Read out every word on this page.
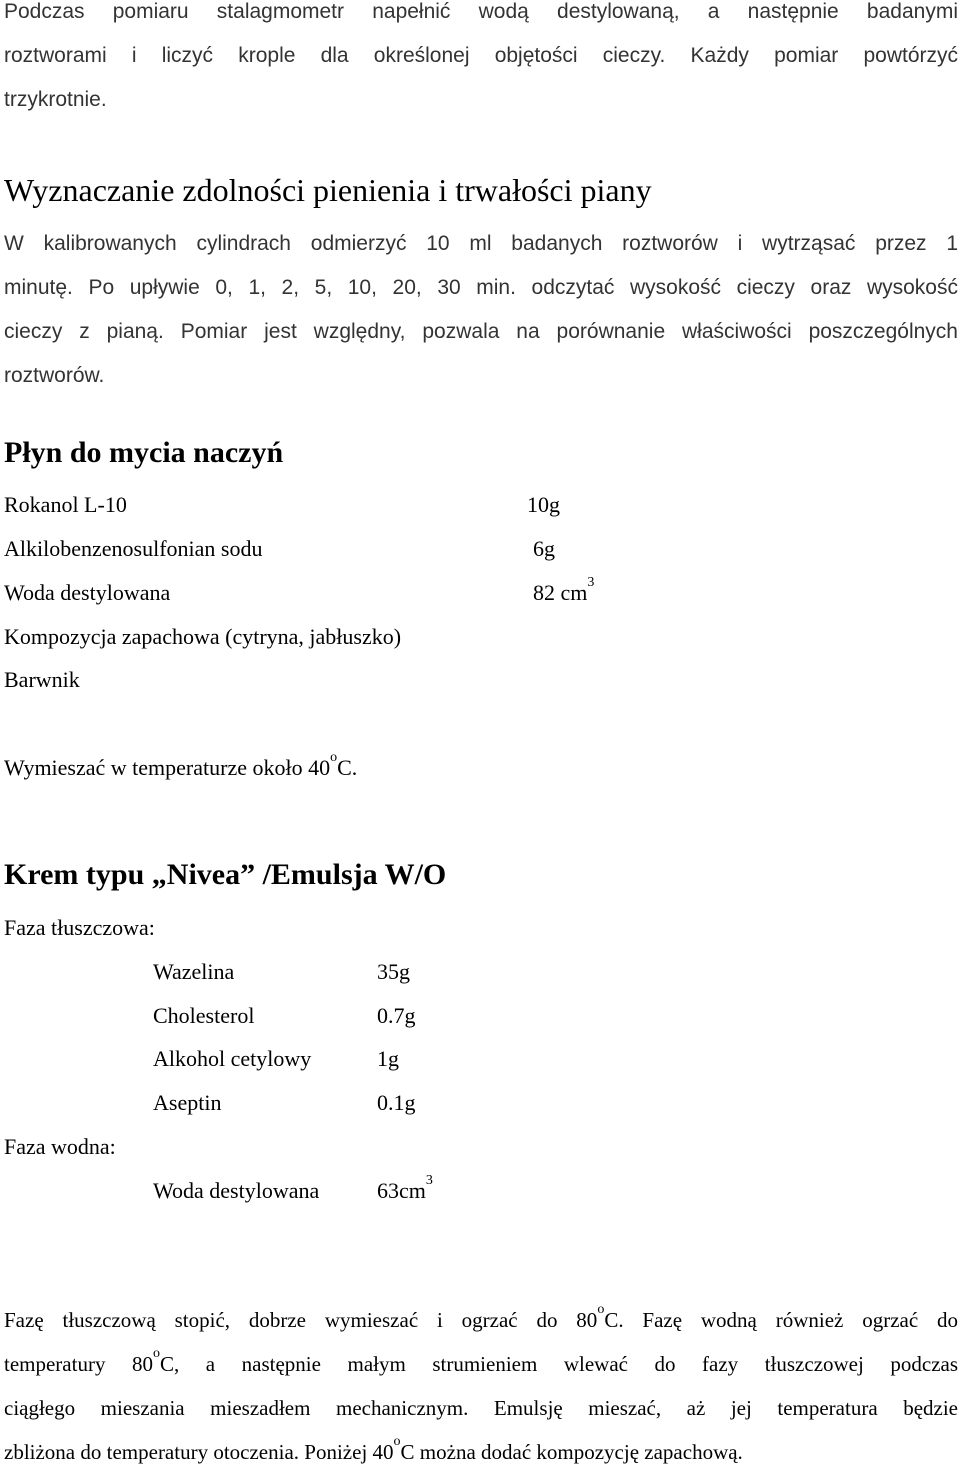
Podczas pomiaru stalagmometr napełnić wodą destylowaną, a następnie badanymi
roztworami i liczyć krople dla określonej objętości cieczy. Każdy pomiar powtórzyć
trzykrotnie.
Wyznaczanie zdolności pienienia i trwałości piany
W kalibrowanych cylindrach odmierzyć 10 ml badanych roztworów i wytrząsać przez 1
minutę. Po upływie 0, 1, 2, 5, 10, 20, 30 min. odczytać wysokość cieczy oraz wysokość
cieczy z pianą. Pomiar jest względny, pozwala na porównanie właściwości poszczególnych
roztworów.
Płyn do mycia naczyń
Rokanol L-10	10g
Alkilobenzenosulfonian sodu	6g
Woda destylowana	82 $cm^3$
Kompozycja zapachowa (cytryna, jabłuszko)
Barwnik
Wymieszać w temperaturze około 40$^o$C.
Krem typu „Nivea” /Emulsja W/O
Faza tłuszczowa:
Wazelina	35g
Cholesterol	0.7g
Alkohol cetylowy	1g
Aseptin	0.1g
Faza wodna:
Woda destylowana	$63cm^3$
Fazę tłuszczową stopić, dobrze wymieszać i ogrzać do 80$^o$C. Fazę wodną również ogrzać do
temperatury 80$^o$C, a następnie małym strumieniem wlewać do fazy tłuszczowej podczas
ciągłego mieszania mieszadłem mechanicznym. Emulsję mieszać, aż jej temperatura będzie
zbliżona do temperatury otoczenia. Poniżej 40$^o$C można dodać kompozycję zapachową.
